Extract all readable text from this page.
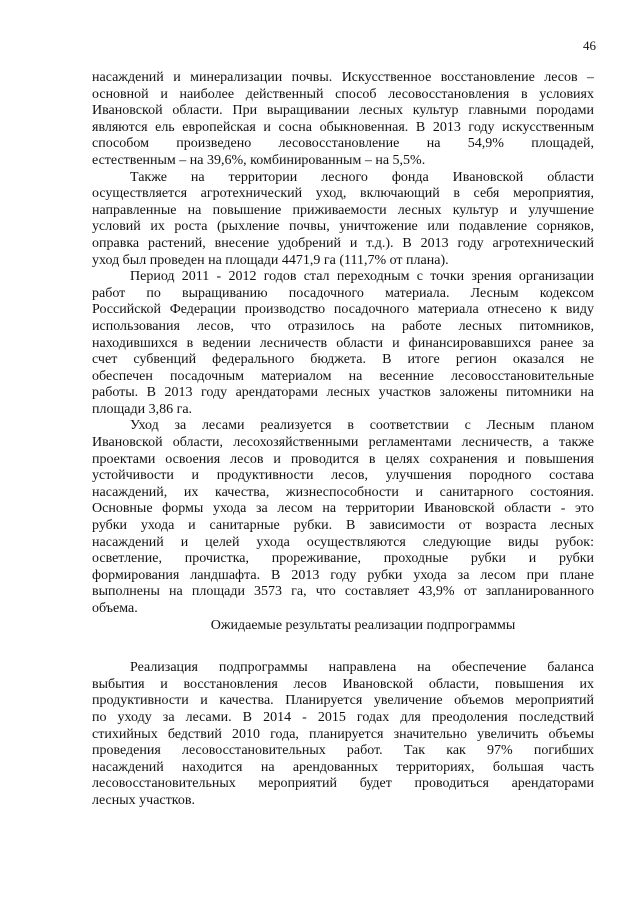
46
насаждений и минерализации почвы. Искусственное восстановление лесов –
основной и наиболее действенный способ лесовосстановления в условиях
Ивановской области. При выращивании лесных культур главными породами
являются ель европейская и сосна обыкновенная. В 2013 году искусственным
способом произведено лесовосстановление на 54,9% площадей,
естественным – на 39,6%, комбинированным – на 5,5%.
Также на территории лесного фонда Ивановской области
осуществляется агротехнический уход, включающий в себя мероприятия,
направленные на повышение приживаемости лесных культур и улучшение
условий их роста (рыхление почвы, уничтожение или подавление сорняков,
оправка растений, внесение удобрений и т.д.). В 2013 году агротехнический
уход был проведен на площади 4471,9 га (111,7% от плана).
Период 2011 - 2012 годов стал переходным с точки зрения организации
работ по выращиванию посадочного материала. Лесным кодексом
Российской Федерации производство посадочного материала отнесено к виду
использования лесов, что отразилось на работе лесных питомников,
находившихся в ведении лесничеств области и финансировавшихся ранее за
счет субвенций федерального бюджета. В итоге регион оказался не
обеспечен посадочным материалом на весенние лесовосстановительные
работы. В 2013 году арендаторами лесных участков заложены питомники на
площади 3,86 га.
Уход за лесами реализуется в соответствии с Лесным планом
Ивановской области, лесохозяйственными регламентами лесничеств, а также
проектами освоения лесов и проводится в целях сохранения и повышения
устойчивости и продуктивности лесов, улучшения породного состава
насаждений, их качества, жизнеспособности и санитарного состояния.
Основные формы ухода за лесом на территории Ивановской области - это
рубки ухода и санитарные рубки. В зависимости от возраста лесных
насаждений и целей ухода осуществляются следующие виды рубок:
осветление, прочистка, прореживание, проходные рубки и рубки
формирования ландшафта. В 2013 году рубки ухода за лесом при плане
выполнены на площади 3573 га, что составляет 43,9% от запланированного
объема.
Ожидаемые результаты реализации подпрограммы
Реализация подпрограммы направлена на обеспечение баланса
выбытия и восстановления лесов Ивановской области, повышения их
продуктивности и качества. Планируется увеличение объемов мероприятий
по уходу за лесами. В 2014 - 2015 годах для преодоления последствий
стихийных бедствий 2010 года, планируется значительно увеличить объемы
проведения лесовосстановительных работ. Так как 97% погибших
насаждений находится на арендованных территориях, большая часть
лесовосстановительных мероприятий будет проводиться арендаторами
лесных участков.
